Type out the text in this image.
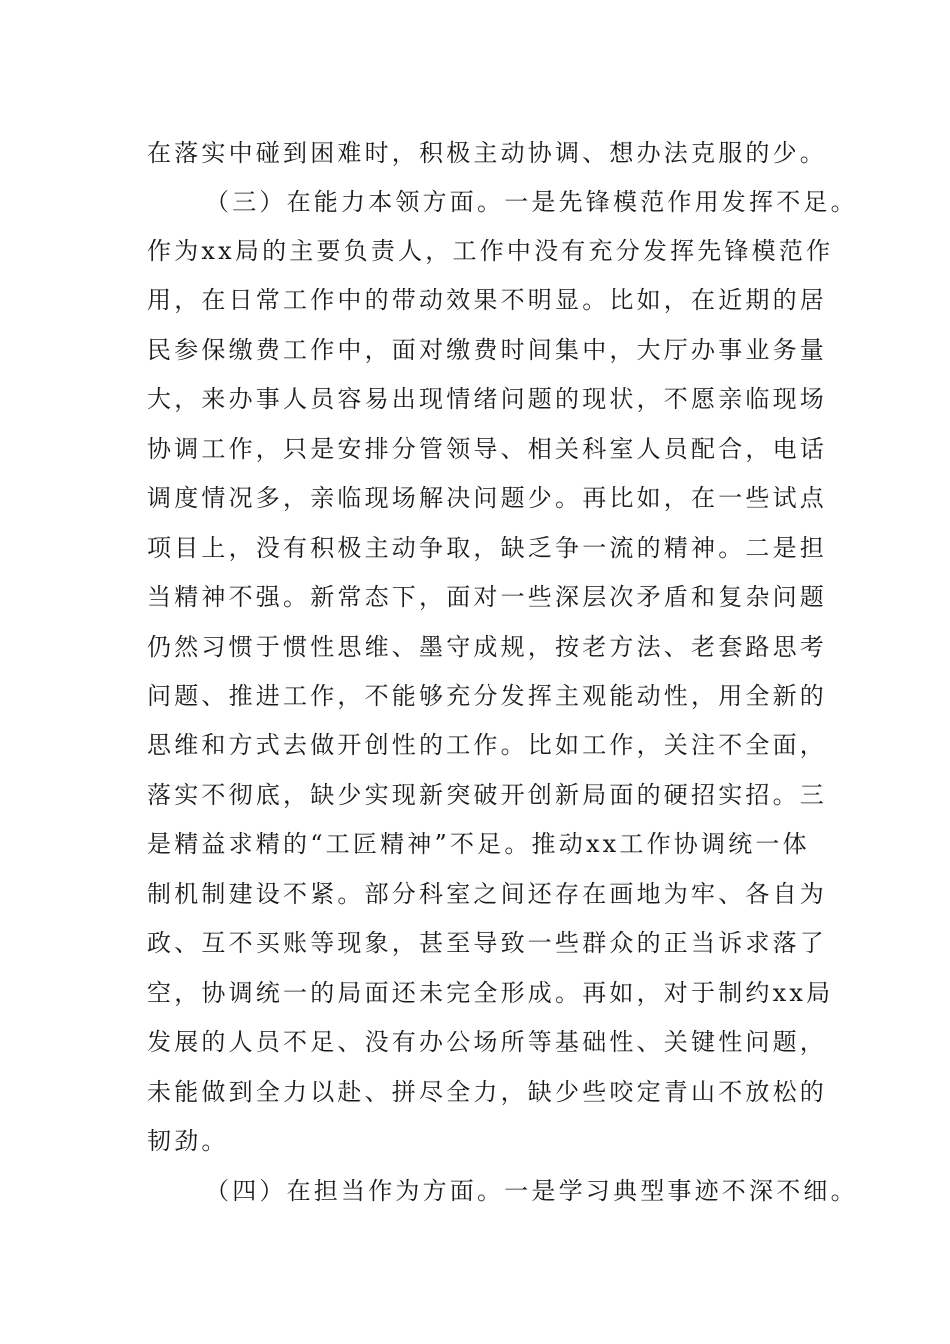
在落实中碰到困难时，积极主动协调、想办法克服的少。
（三）在能力本领方面。一是先锋模范作用发挥不足。
作为xx局的主要负责人，工作中没有充分发挥先锋模范作
用，在日常工作中的带动效果不明显。比如，在近期的居
民参保缴费工作中，面对缴费时间集中，大厅办事业务量
大，来办事人员容易出现情绪问题的现状，不愿亲临现场
协调工作，只是安排分管领导、相关科室人员配合，电话
调度情况多，亲临现场解决问题少。再比如，在一些试点
项目上，没有积极主动争取，缺乏争一流的精神。二是担
当精神不强。新常态下，面对一些深层次矛盾和复杂问题
仍然习惯于惯性思维、墨守成规，按老方法、老套路思考
问题、推进工作，不能够充分发挥主观能动性，用全新的
思维和方式去做开创性的工作。比如工作，关注不全面，
落实不彻底，缺少实现新突破开创新局面的硬招实招。三
是精益求精的“工匠精神”不足。推动xx工作协调统一体
制机制建设不紧。部分科室之间还存在画地为牢、各自为
政、互不买账等现象，甚至导致一些群众的正当诉求落了
空，协调统一的局面还未完全形成。再如，对于制约xx局
发展的人员不足、没有办公场所等基础性、关键性问题，
未能做到全力以赴、拼尽全力，缺少些咬定青山不放松的
韧劲。
（四）在担当作为方面。一是学习典型事迹不深不细。
